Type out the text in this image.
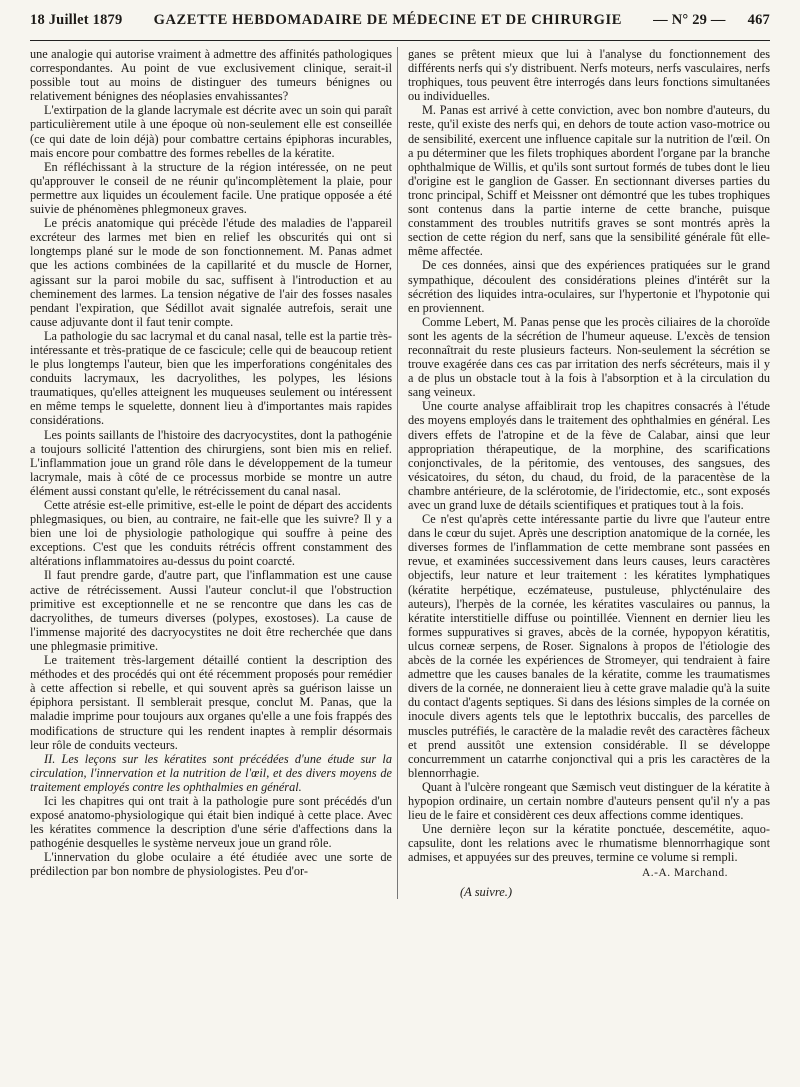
18 Juillet 1879 GAZETTE HEBDOMADAIRE DE MÉDECINE ET DE CHIRURGIE — N° 29 — 467

une analogie qui autorise vraiment à admettre des affinités pathologiques correspondantes. Au point de vue exclusivement clinique, serait-il possible tout au moins de distinguer des tumeurs bénignes ou relativement bénignes des néoplasies envahissantes?

L'extirpation de la glande lacrymale est décrite avec un soin qui paraît particulièrement utile à une époque où non-seulement elle est conseillée (ce qui date de loin déjà) pour combattre certains épiphoras incurables, mais encore pour combattre des formes rebelles de la kératite.

En réfléchissant à la structure de la région intéressée, on ne peut qu'approuver le conseil de ne réunir qu'incomplètement la plaie, pour permettre aux liquides un écoulement facile. Une pratique opposée a été suivie de phénomènes phlegmoneux graves.

Le précis anatomique qui précède l'étude des maladies de l'appareil excréteur des larmes met bien en relief les obscurités qui ont si longtemps plané sur le mode de son fonctionnement. M. Panas admet que les actions combinées de la capillarité et du muscle de Horner, agissant sur la paroi mobile du sac, suffisent à l'introduction et au cheminement des larmes. La tension négative de l'air des fosses nasales pendant l'expiration, que Sédillot avait signalée autrefois, serait une cause adjuvante dont il faut tenir compte.

La pathologie du sac lacrymal et du canal nasal, telle est la partie très-intéressante et très-pratique de ce fascicule; celle qui de beaucoup retient le plus longtemps l'auteur, bien que les imperforations congénitales des conduits lacrymaux, les dacryolithes, les polypes, les lésions traumatiques, qu'elles atteignent les muqueuses seulement ou intéressent en même temps le squelette, donnent lieu à d'importantes mais rapides considérations.

Les points saillants de l'histoire des dacryocystites, dont la pathogénie a toujours sollicité l'attention des chirurgiens, sont bien mis en relief. L'inflammation joue un grand rôle dans le développement de la tumeur lacrymale, mais à côté de ce processus morbide se montre un autre élément aussi constant qu'elle, le rétrécissement du canal nasal.

Cette atrésie est-elle primitive, est-elle le point de départ des accidents phlegmasiques, ou bien, au contraire, ne fait-elle que les suivre? Il y a bien une loi de physiologie pathologique qui souffre à peine des exceptions. C'est que les conduits rétrécis offrent constamment des altérations inflammatoires au-dessus du point coarcté.

Il faut prendre garde, d'autre part, que l'inflammation est une cause active de rétrécissement. Aussi l'auteur conclut-il que l'obstruction primitive est exceptionnelle et ne se rencontre que dans les cas de dacryolithes, de tumeurs diverses (polypes, exostoses). La cause de l'immense majorité des dacryocystites ne doit être recherchée que dans une phlegmasie primitive.

Le traitement très-largement détaillé contient la description des méthodes et des procédés qui ont été récemment proposés pour remédier à cette affection si rebelle, et qui souvent après sa guérison laisse un épiphora persistant. Il semblerait presque, conclut M. Panas, que la maladie imprime pour toujours aux organes qu'elle a une fois frappés des modifications de structure qui les rendent inaptes à remplir désormais leur rôle de conduits vecteurs.

II. Les leçons sur les kératites sont précédées d'une étude sur la circulation, l'innervation et la nutrition de l'œil, et des divers moyens de traitement employés contre les ophthalmies en général.

Ici les chapitres qui ont trait à la pathologie pure sont précédés d'un exposé anatomo-physiologique qui était bien indiqué à cette place. Avec les kératites commence la description d'une série d'affections dans la pathogénie desquelles le système nerveux joue un grand rôle.

L'innervation du globe oculaire a été étudiée avec une sorte de prédilection par bon nombre de physiologistes. Peu d'or-

ganes se prêtent mieux que lui à l'analyse du fonctionnement des différents nerfs qui s'y distribuent. Nerfs moteurs, nerfs vasculaires, nerfs trophiques, tous peuvent être interrogés dans leurs fonctions simultanées ou individuelles.

M. Panas est arrivé à cette conviction, avec bon nombre d'auteurs, du reste, qu'il existe des nerfs qui, en dehors de toute action vaso-motrice ou de sensibilité, exercent une influence capitale sur la nutrition de l'œil. On a pu déterminer que les filets trophiques abordent l'organe par la branche ophthalmique de Willis, et qu'ils sont surtout formés de tubes dont le lieu d'origine est le ganglion de Gasser. En sectionnant diverses parties du tronc principal, Schiff et Meissner ont démontré que les tubes trophiques sont contenus dans la partie interne de cette branche, puisque constamment des troubles nutritifs graves se sont montrés après la section de cette région du nerf, sans que la sensibilité générale fût elle-même affectée.

De ces données, ainsi que des expériences pratiquées sur le grand sympathique, découlent des considérations pleines d'intérêt sur la sécrétion des liquides intra-oculaires, sur l'hypertonie et l'hypotonie qui en proviennent.

Comme Lebert, M. Panas pense que les procès ciliaires de la choroïde sont les agents de la sécrétion de l'humeur aqueuse. L'excès de tension reconnaîtrait du reste plusieurs facteurs. Non-seulement la sécrétion se trouve exagérée dans ces cas par irritation des nerfs sécréteurs, mais il y a de plus un obstacle tout à la fois à l'absorption et à la circulation du sang veineux.

Une courte analyse affaiblirait trop les chapitres consacrés à l'étude des moyens employés dans le traitement des ophthalmies en général. Les divers effets de l'atropine et de la fève de Calabar, ainsi que leur appropriation thérapeutique, de la morphine, des scarifications conjonctivales, de la péritomie, des ventouses, des sangsues, des vésicatoires, du séton, du chaud, du froid, de la paracentèse de la chambre antérieure, de la sclérotomie, de l'iridectomie, etc., sont exposés avec un grand luxe de détails scientifiques et pratiques tout à la fois.

Ce n'est qu'après cette intéressante partie du livre que l'auteur entre dans le cœur du sujet. Après une description anatomique de la cornée, les diverses formes de l'inflammation de cette membrane sont passées en revue, et examinées successivement dans leurs causes, leurs caractères objectifs, leur nature et leur traitement : les kératites lymphatiques (kératite herpétique, eczémateuse, pustuleuse, phlycténulaire des auteurs), l'herpès de la cornée, les kératites vasculaires ou pannus, la kératite interstitielle diffuse ou pointillée. Viennent en dernier lieu les formes suppuratives si graves, abcès de la cornée, hypopyon kératitis, ulcus corneæ serpens, de Roser. Signalons à propos de l'étiologie des abcès de la cornée les expériences de Stromeyer, qui tendraient à faire admettre que les causes banales de la kératite, comme les traumatismes divers de la cornée, ne donneraient lieu à cette grave maladie qu'à la suite du contact d'agents septiques. Si dans des lésions simples de la cornée on inocule divers agents tels que le leptothrix buccalis, des parcelles de muscles putréfiés, le caractère de la maladie revêt des caractères fâcheux et prend aussitôt une extension considérable. Il se développe concurremment un catarrhe conjonctival qui a pris les caractères de la blennorrhagie.

Quant à l'ulcère rongeant que Sæmisch veut distinguer de la kératite à hypopion ordinaire, un certain nombre d'auteurs pensent qu'il n'y a pas lieu de le faire et considèrent ces deux affections comme identiques.

Une dernière leçon sur la kératite ponctuée, descemétite, aquo-capsulite, dont les relations avec le rhumatisme blennorrhagique sont admises, et appuyées sur des preuves, termine ce volume si rempli.

A.-A. Marchand.
(A suivre.)
